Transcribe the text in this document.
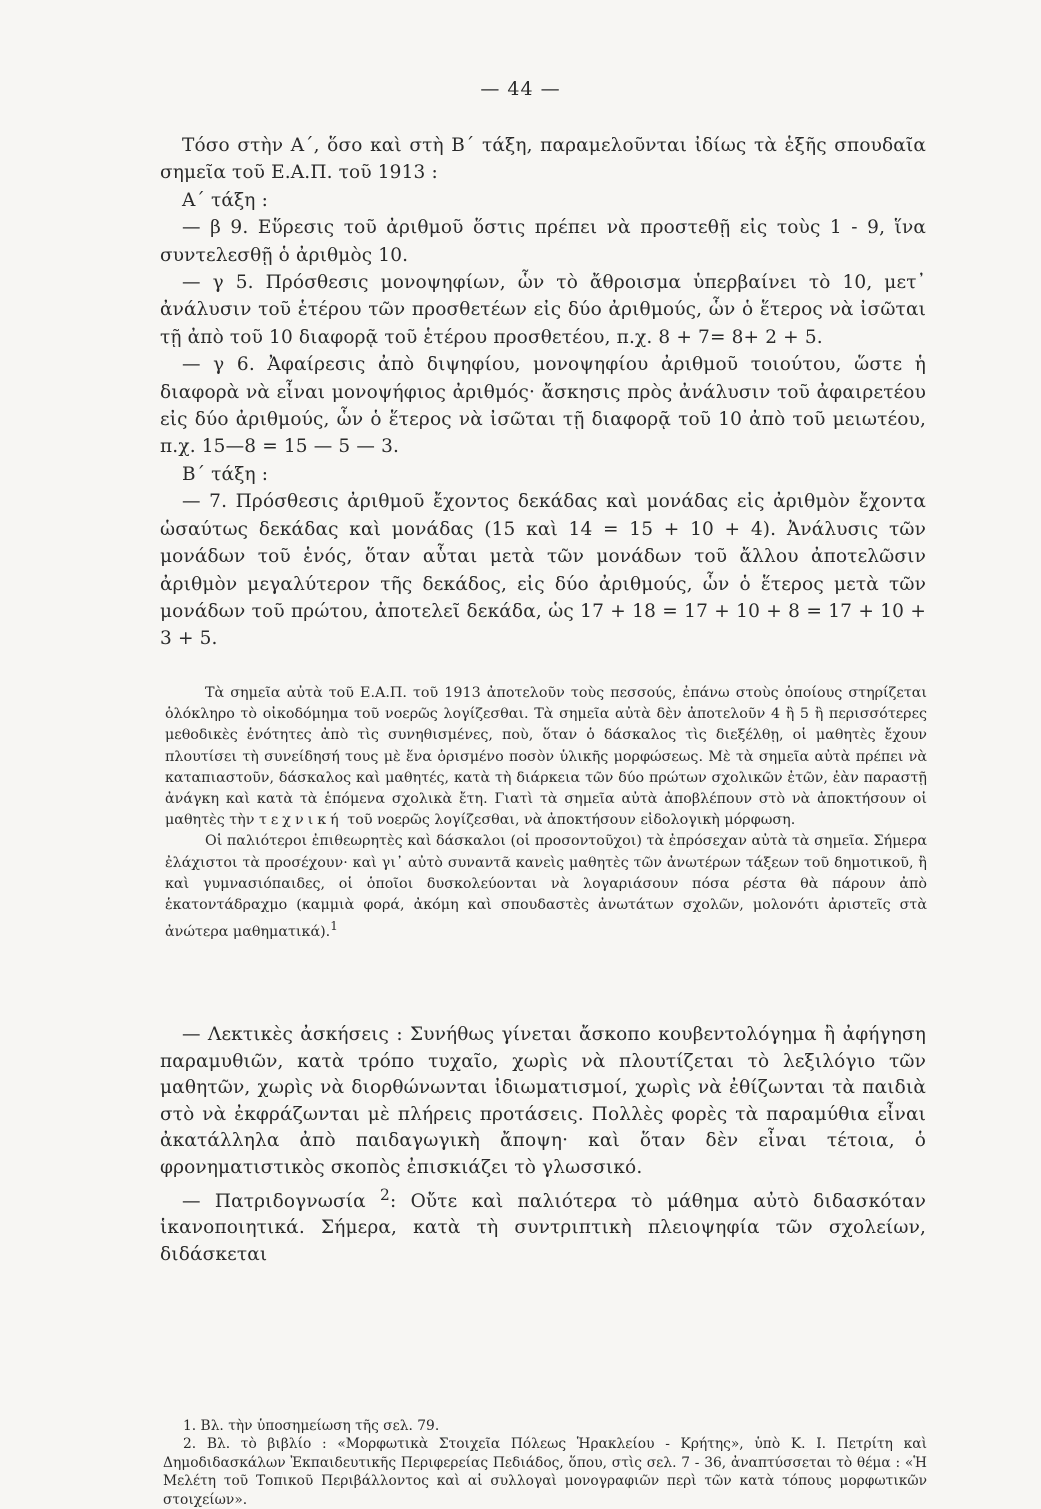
— 44 —

Τόσο στὴν Α΄, ὅσο καὶ στὴ Β΄ τάξη, παραμελοῦνται ἰδίως τὰ ἑξῆς σπουδαῖα σημεῖα τοῦ Ε.Α.Π. τοῦ 1913 :

Α΄ τάξη :

— β 9. Εὕρεσις τοῦ ἀριθμοῦ ὅστις πρέπει νὰ προστεθῇ εἰς τοὺς 1 - 9, ἵνα συντελεσθῇ ὁ ἀριθμὸς 10.

— γ 5. Πρόσθεσις μονοψηφίων, ὧν τὸ ἄθροισμα ὑπερβαίνει τὸ 10, μετ᾽ ἀνάλυσιν τοῦ ἑτέρου τῶν προσθετέων εἰς δύο ἀριθμούς, ὧν ὁ ἕτερος νὰ ἰσῶται τῇ ἀπὸ τοῦ 10 διαφορᾷ τοῦ ἑτέρου προσθετέου, π.χ. 8 + 7= 8+ 2 + 5.

— γ 6. Ἀφαίρεσις ἀπὸ διψηφίου, μονοψηφίου ἀριθμοῦ τοιούτου, ὥστε ἡ διαφορὰ νὰ εἶναι μονοψήφιος ἀριθμός· ἄσκησις πρὸς ἀνάλυσιν τοῦ ἀφαιρετέου εἰς δύο ἀριθμούς, ὧν ὁ ἕτερος νὰ ἰσῶται τῇ διαφορᾷ τοῦ 10 ἀπὸ τοῦ μειωτέου, π.χ. 15—8 = 15 — 5 — 3.

Β΄ τάξη :

— 7. Πρόσθεσις ἀριθμοῦ ἔχοντος δεκάδας καὶ μονάδας εἰς ἀριθμὸν ἔχοντα ὡσαύτως δεκάδας καὶ μονάδας (15 καὶ 14 = 15 + 10 + 4). Ἀνάλυσις τῶν μονάδων τοῦ ἑνός, ὅταν αὗται μετὰ τῶν μονάδων τοῦ ἄλλου ἀποτελῶσιν ἀριθμὸν μεγαλύτερον τῆς δεκάδος, εἰς δύο ἀριθμούς, ὧν ὁ ἕτερος μετὰ τῶν μονάδων τοῦ πρώτου, ἀποτελεῖ δεκάδα, ὡς 17 + 18 = 17 + 10 + 8 = 17 + 10 + 3 + 5.

Τὰ σημεῖα αὐτὰ τοῦ Ε.Α.Π. τοῦ 1913 ἀποτελοῦν τοὺς πεσσούς, ἐπάνω στοὺς ὁποίους στηρίζεται ὁλόκληρο τὸ οἰκοδόμημα τοῦ νοερῶς λογίζεσθαι. Τὰ σημεῖα αὐτὰ δὲν ἀποτελοῦν 4 ἢ 5 ἢ περισσότερες μεθοδικὲς ἑνότητες ἀπὸ τὶς συνηθισμένες, ποὺ, ὅταν ὁ δάσκαλος τὶς διεξέλθῃ, οἱ μαθητὲς ἔχουν πλουτίσει τὴ συνείδησή τους μὲ ἕνα ὁρισμένο ποσὸν ὑλικῆς μορφώσεως. Μὲ τὰ σημεῖα αὐτὰ πρέπει νὰ καταπιαστοῦν, δάσκαλος καὶ μαθητές, κατὰ τὴ διάρκεια τῶν δύο πρώτων σχολικῶν ἐτῶν, ἐὰν παραστῇ ἀνάγκη καὶ κατὰ τὰ ἑπόμενα σχολικὰ ἔτη. Γιατὶ τὰ σημεῖα αὐτὰ ἀποβλέπουν στὸ νὰ ἀποκτήσουν οἱ μαθητὲς τὴν τεχνική τοῦ νοερῶς λογίζεσθαι, νὰ ἀποκτήσουν εἰδολογικὴ μόρφωση.

Οἱ παλιότεροι ἐπιθεωρητὲς καὶ δάσκαλοι (οἱ προσοντοῦχοι) τὰ ἐπρόσεχαν αὐτὰ τὰ σημεῖα. Σήμερα ἐλάχιστοι τὰ προσέχουν· καὶ γι᾽ αὐτὸ συναντᾶ κανεὶς μαθητὲς τῶν ἀνωτέρων τάξεων τοῦ δημοτικοῦ, ἢ καὶ γυμνασιόπαιδες, οἱ ὁποῖοι δυσκολεύονται νὰ λογαριάσουν πόσα ρέστα θὰ πάρουν ἀπὸ ἑκατοντάδραχμο (καμμιὰ φορά, ἀκόμη καὶ σπουδαστὲς ἀνωτάτων σχολῶν, μολονότι ἀριστεῖς στὰ ἀνώτερα μαθηματικά).$^1$

— Λεκτικὲς ἀσκήσεις : Συνήθως γίνεται ἄσκοπο κουβεντολόγημα ἢ ἀφήγηση παραμυθιῶν, κατὰ τρόπο τυχαῖο, χωρὶς νὰ πλουτίζεται τὸ λεξιλόγιο τῶν μαθητῶν, χωρὶς νὰ διορθώνωνται ἰδιωματισμοί, χωρὶς νὰ ἐθίζωνται τὰ παιδιὰ στὸ νὰ ἐκφράζωνται μὲ πλήρεις προτάσεις. Πολλὲς φορὲς τὰ παραμύθια εἶναι ἀκατάλληλα ἀπὸ παιδαγωγικὴ ἄποψη· καὶ ὅταν δὲν εἶναι τέτοια, ὁ φρονηματιστικὸς σκοπὸς ἐπισκιάζει τὸ γλωσσικό.

— Πατριδογνωσία $^2$: Οὔτε καὶ παλιότερα τὸ μάθημα αὐτὸ διδασκόταν ἱκανοποιητικά. Σήμερα, κατὰ τὴ συντριπτικὴ πλειοψηφία τῶν σχολείων, διδάσκεται

1. Βλ. τὴν ὑποσημείωση τῆς σελ. 79.

2. Βλ. τὸ βιβλίο : «Μορφωτικὰ Στοιχεῖα Πόλεως Ἡρακλείου - Κρήτης», ὑπὸ Κ. Ι. Πετρίτη καὶ Δημοδιδασκάλων Ἐκπαιδευτικῆς Περιφερείας Πεδιάδος, ὅπου, στὶς σελ. 7 - 36, ἀναπτύσσεται τὸ θέμα : «Ἡ Μελέτη τοῦ Τοπικοῦ Περιβάλλοντος καὶ αἱ συλλογαὶ μονογραφιῶν περὶ τῶν κατὰ τόπους μορφωτικῶν στοιχείων».
